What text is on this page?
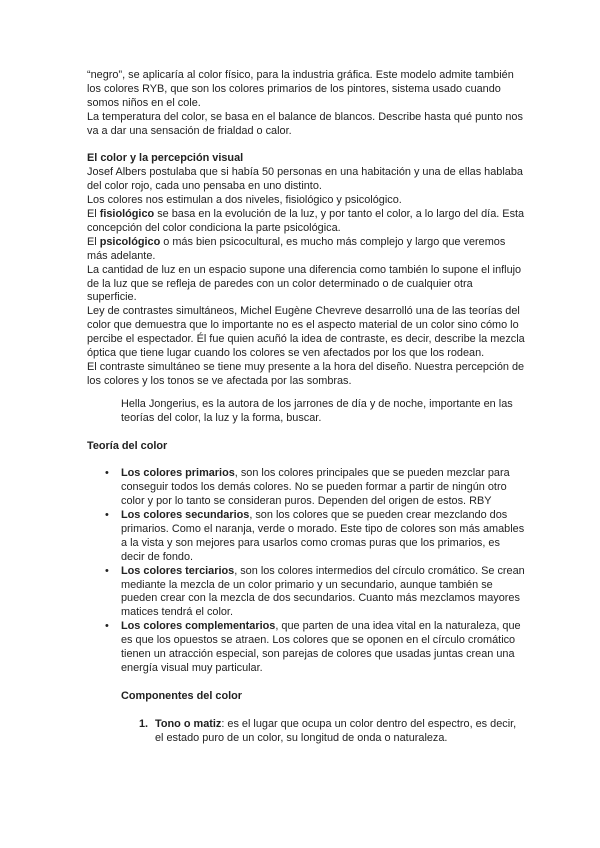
“negro”, se aplicaría al color físico, para la industria gráfica. Este modelo admite también los colores RYB, que son los colores primarios de los pintores, sistema usado cuando somos niños en el cole.

La temperatura del color, se basa en el balance de blancos. Describe hasta qué punto nos va a dar una sensación de frialdad o calor.

El color y la percepción visual

Josef Albers postulaba que si había 50 personas en una habitación y una de ellas hablaba del color rojo, cada uno pensaba en uno distinto.

Los colores nos estimulan a dos niveles, fisiológico y psicológico.

El fisiológico se basa en la evolución de la luz, y por tanto el color, a lo largo del día. Esta concepción del color condiciona la parte psicológica.

El psicológico o más bien psicocultural, es mucho más complejo y largo que veremos más adelante.

La cantidad de luz en un espacio supone una diferencia como también lo supone el influjo de la luz que se refleja de paredes con un color determinado o de cualquier otra superficie.

Ley de contrastes simultáneos, Michel Eugène Chevreve desarrolló una de las teorías del color que demuestra que lo importante no es el aspecto material de un color sino cómo lo percibe el espectador. Él fue quien acuñó la idea de contraste, es decir, describe la mezcla óptica que tiene lugar cuando los colores se ven afectados por los que los rodean.

El contraste simultáneo se tiene muy presente a la hora del diseño. Nuestra percepción de los colores y los tonos se ve afectada por las sombras.

Hella Jongerius, es la autora de los jarrones de día y de noche, importante en las teorías del color, la luz y la forma, buscar.

Teoría del color

• Los colores primarios, son los colores principales que se pueden mezclar para conseguir todos los demás colores. No se pueden formar a partir de ningún otro color y por lo tanto se consideran puros. Dependen del origen de estos. RBY
• Los colores secundarios, son los colores que se pueden crear mezclando dos primarios. Como el naranja, verde o morado. Este tipo de colores son más amables a la vista y son mejores para usarlos como cromas puras que los primarios, es decir de fondo.
• Los colores terciarios, son los colores intermedios del círculo cromático. Se crean mediante la mezcla de un color primario y un secundario, aunque también se pueden crear con la mezcla de dos secundarios. Cuanto más mezclamos mayores matices tendrá el color.
• Los colores complementarios, que parten de una idea vital en la naturaleza, que es que los opuestos se atraen. Los colores que se oponen en el círculo cromático tienen un atracción especial, son parejas de colores que usadas juntas crean una energía visual muy particular.

Componentes del color

1. Tono o matiz: es el lugar que ocupa un color dentro del espectro, es decir, el estado puro de un color, su longitud de onda o naturaleza.
